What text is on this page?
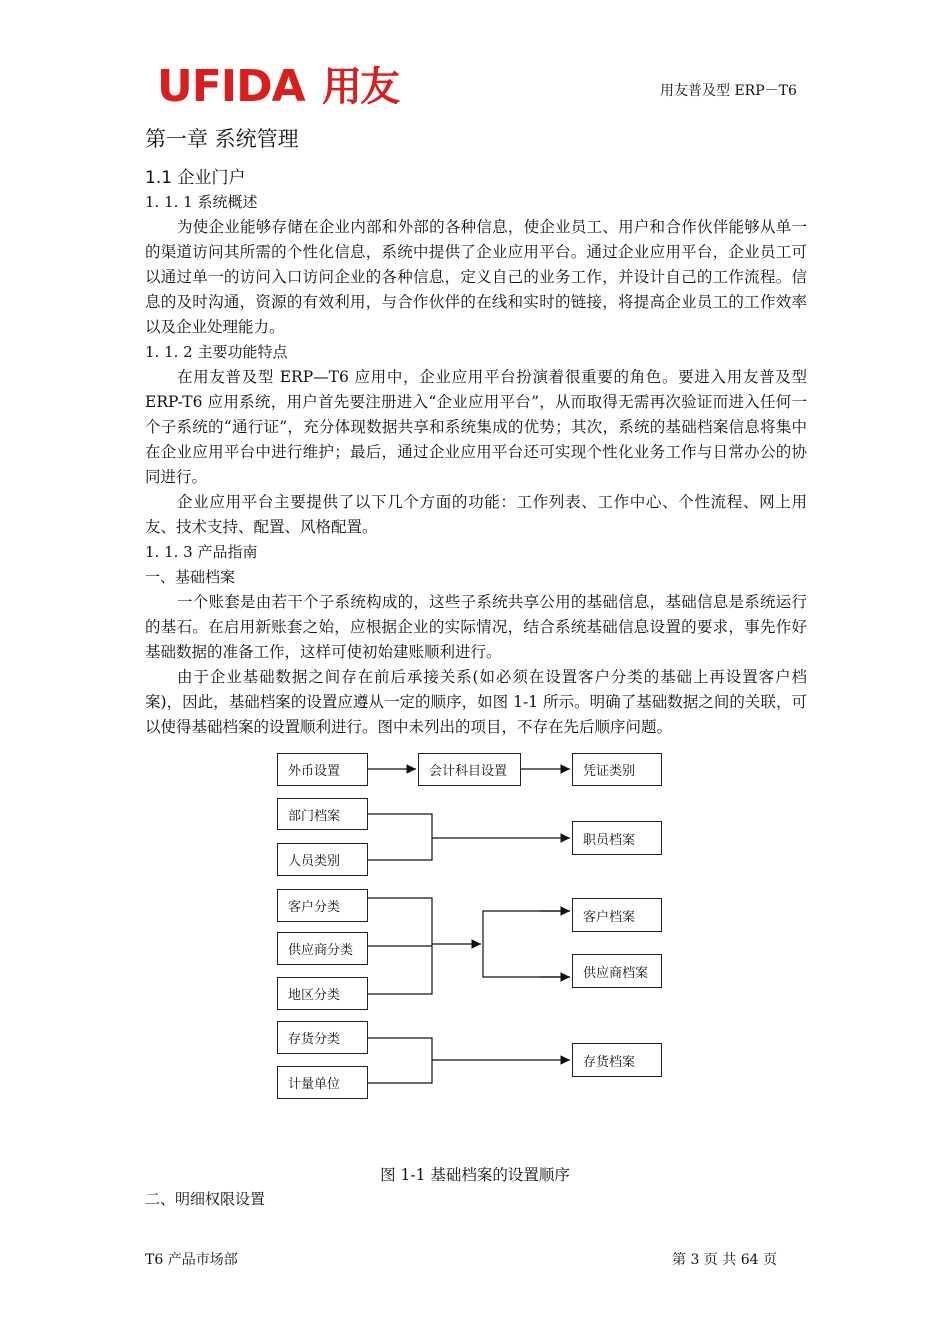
UFIDA 用友	用友普及型 ERP－T6
第一章 系统管理
1.1 企业门户
1. 1. 1 系统概述
为使企业能够存储在企业内部和外部的各种信息，使企业员工、用户和合作伙伴能够从单一的渠道访问其所需的个性化信息，系统中提供了企业应用平台。通过企业应用平台，企业员工可以通过单一的访问入口访问企业的各种信息，定义自己的业务工作，并设计自己的工作流程。信息的及时沟通，资源的有效利用，与合作伙伴的在线和实时的链接，将提高企业员工的工作效率以及企业处理能力。
1. 1. 2 主要功能特点
在用友普及型 ERP—T6 应用中，企业应用平台扮演着很重要的角色。要进入用友普及型 ERP-T6 应用系统，用户首先要注册进入“企业应用平台”，从而取得无需再次验证而进入任何一个子系统的“通行证”，充分体现数据共享和系统集成的优势；其次，系统的基础档案信息将集中在企业应用平台中进行维护；最后，通过企业应用平台还可实现个性化业务工作与日常办公的协同进行。
企业应用平台主要提供了以下几个方面的功能：工作列表、工作中心、个性流程、网上用友、技术支持、配置、风格配置。
1. 1. 3 产品指南
一、基础档案
一个账套是由若干个子系统构成的，这些子系统共享公用的基础信息，基础信息是系统运行的基石。在启用新账套之始，应根据企业的实际情况，结合系统基础信息设置的要求，事先作好基础数据的准备工作，这样可使初始建账顺利进行。
由于企业基础数据之间存在前后承接关系(如必须在设置客户分类的基础上再设置客户档案)，因此，基础档案的设置应遵从一定的顺序，如图 1-1 所示。明确了基础数据之间的关联，可以使得基础档案的设置顺利进行。图中未列出的项目，不存在先后顺序问题。
外币设置	会计科目设置	凭证类别
部门档案
人员类别
职员档案
客户分类
供应商分类
地区分类
客户档案
供应商档案
存货分类
计量单位
存货档案
图 1-1 基础档案的设置顺序
二、明细权限设置
T6 产品市场部	第 3 页 共 64 页
